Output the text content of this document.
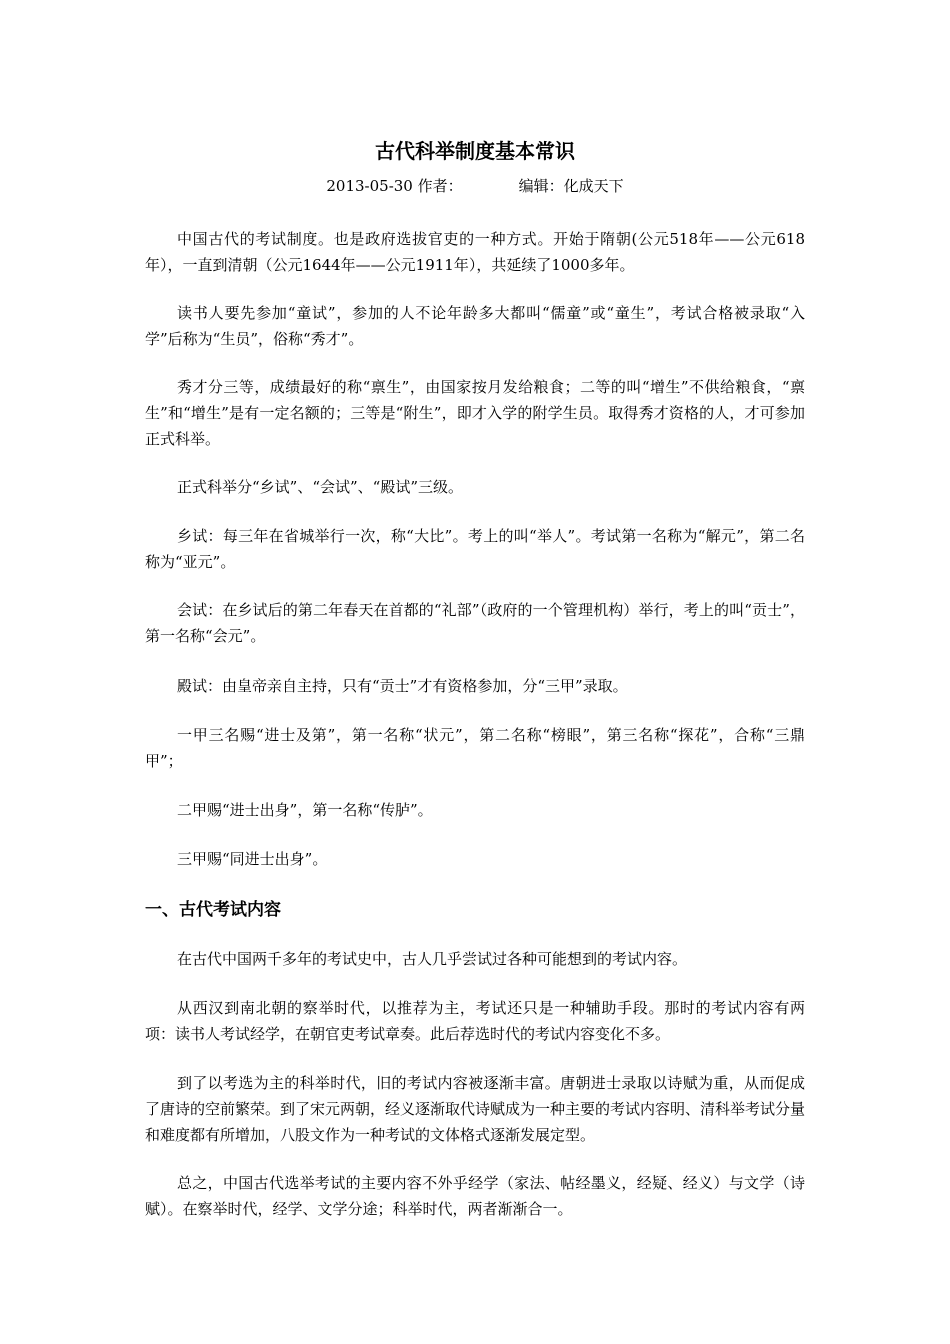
古代科举制度基本常识
2013-05-30 作者：	编辑：化成天下

中国古代的考试制度。也是政府选拔官吏的一种方式。开始于隋朝(公元518年——公元618年），一直到清朝（公元1644年——公元1911年），共延续了1000多年。

读书人要先参加“童试”，参加的人不论年龄多大都叫“儒童”或“童生”，考试合格被录取“入学”后称为“生员”，俗称“秀才”。

秀才分三等，成绩最好的称“禀生”，由国家按月发给粮食；二等的叫“增生”不供给粮食，“禀生”和“增生”是有一定名额的；三等是“附生”，即才入学的附学生员。取得秀才资格的人，才可参加正式科举。

正式科举分“乡试”、“会试”、“殿试”三级。

乡试：每三年在省城举行一次，称“大比”。考上的叫“举人”。考试第一名称为“解元”，第二名称为“亚元”。

会试：在乡试后的第二年春天在首都的“礼部”（政府的一个管理机构）举行，考上的叫“贡士”，第一名称“会元”。

殿试：由皇帝亲自主持，只有“贡士”才有资格参加，分“三甲”录取。

一甲三名赐“进士及第”，第一名称“状元”，第二名称“榜眼”，第三名称“探花”，合称“三鼎甲”；

二甲赐“进士出身”，第一名称“传胪”。

三甲赐“同进士出身”。

一、古代考试内容

在古代中国两千多年的考试史中，古人几乎尝试过各种可能想到的考试内容。

从西汉到南北朝的察举时代，以推荐为主，考试还只是一种辅助手段。那时的考试内容有两项：读书人考试经学，在朝官吏考试章奏。此后荐选时代的考试内容变化不多。

到了以考选为主的科举时代，旧的考试内容被逐渐丰富。唐朝进士录取以诗赋为重，从而促成了唐诗的空前繁荣。到了宋元两朝，经义逐渐取代诗赋成为一种主要的考试内容明、清科举考试分量和难度都有所增加，八股文作为一种考试的文体格式逐渐发展定型。

总之，中国古代选举考试的主要内容不外乎经学（家法、帖经墨义，经疑、经义）与文学（诗赋）。在察举时代，经学、文学分途；科举时代，两者渐渐合一。
